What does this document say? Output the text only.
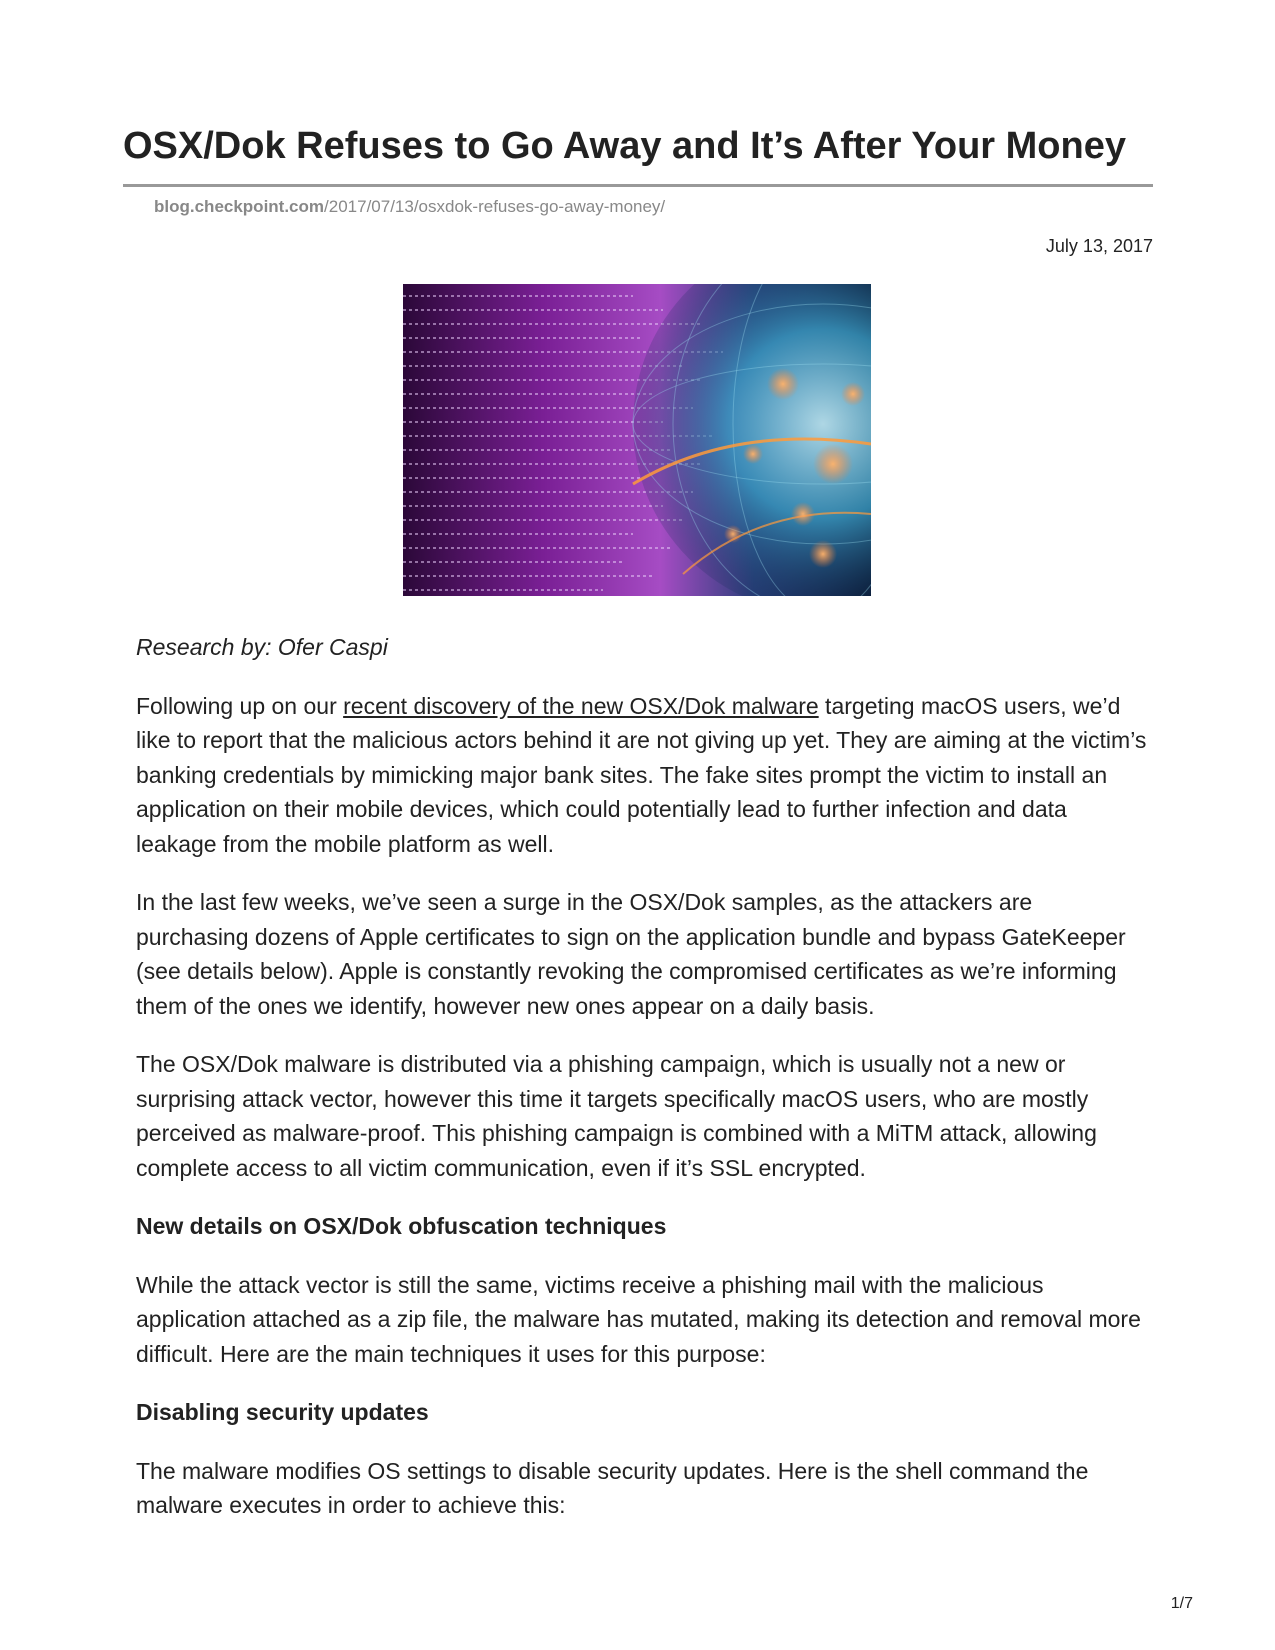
OSX/Dok Refuses to Go Away and It’s After Your Money
blog.checkpoint.com/2017/07/13/osxdok-refuses-go-away-money/
July 13, 2017

Research by: Ofer Caspi

Following up on our recent discovery of the new OSX/Dok malware targeting macOS users, we’d like to report that the malicious actors behind it are not giving up yet. They are aiming at the victim’s banking credentials by mimicking major bank sites. The fake sites prompt the victim to install an application on their mobile devices, which could potentially lead to further infection and data leakage from the mobile platform as well.

In the last few weeks, we’ve seen a surge in the OSX/Dok samples, as the attackers are purchasing dozens of Apple certificates to sign on the application bundle and bypass GateKeeper (see details below). Apple is constantly revoking the compromised certificates as we’re informing them of the ones we identify, however new ones appear on a daily basis.

The OSX/Dok malware is distributed via a phishing campaign, which is usually not a new or surprising attack vector, however this time it targets specifically macOS users, who are mostly perceived as malware-proof. This phishing campaign is combined with a MiTM attack, allowing complete access to all victim communication, even if it’s SSL encrypted.

New details on OSX/Dok obfuscation techniques

While the attack vector is still the same, victims receive a phishing mail with the malicious application attached as a zip file, the malware has mutated, making its detection and removal more difficult. Here are the main techniques it uses for this purpose:

Disabling security updates

The malware modifies OS settings to disable security updates. Here is the shell command the malware executes in order to achieve this:

1/7
